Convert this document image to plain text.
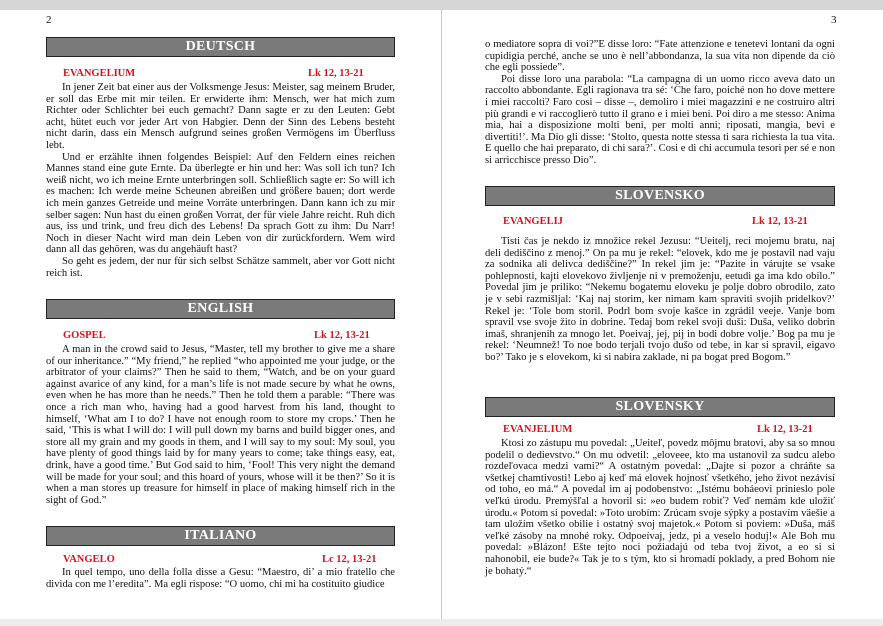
2	3
DEUTSCH
EVANGELIUM	Lk 12, 13-21

In jener Zeit bat einer aus der Volksmenge Jesus: Meister, sag meinem Bruder, er soll das Erbe mit mir teilen. Er erwiderte ihm: Mensch, wer hat mich zum Richter oder Schlichter bei euch gemacht? Dann sagte er zu den Leuten: Gebt acht, hütet euch vor jeder Art von Habgier. Denn der Sinn des Lebens besteht nicht darin, dass ein Mensch aufgrund seines großen Vermögens im Überfluss lebt.

Und er erzählte ihnen folgendes Beispiel: Auf den Feldern eines reichen Mannes stand eine gute Ernte. Da überlegte er hin und her: Was soll ich tun? Ich weiß nicht, wo ich meine Ernte unterbringen soll. Schließlich sagte er: So will ich es machen: Ich werde meine Scheunen abreißen und größere bauen; dort werde ich mein ganzes Getreide und meine Vorräte unterbringen. Dann kann ich zu mir selber sagen: Nun hast du einen großen Vorrat, der für viele Jahre reicht. Ruh dich aus, iss und trink, und freu dich des Lebens! Da sprach Gott zu ihm: Du Narr! Noch in dieser Nacht wird man dein Leben von dir zurückfordern. Wem wird dann all das gehören, was du angehäuft hast?

So geht es jedem, der nur für sich selbst Schätze sammelt, aber vor Gott nicht reich ist.

ENGLISH
GOSPEL	Lk 12, 13-21

A man in the crowd said to Jesus, “Master, tell my brother to give me a share of our inheritance.” “My friend,” he replied “who appointed me your judge, or the arbitrator of your claims?” Then he said to them, “Watch, and be on your guard against avarice of any kind, for a man’s life is not made secure by what he owns, even when he has more than he needs.” Then he told them a parable: “There was once a rich man who, having had a good harvest from his land, thought to himself, ‘What am I to do? I have not enough room to store my crops.’ Then he said, ‘This is what I will do: I will pull down my barns and build bigger ones, and store all my grain and my goods in them, and I will say to my soul: My soul, you have plenty of good things laid by for many years to come; take things easy, eat, drink, have a good time.’ But God said to him, ‘Fool! This very night the demand will be made for your soul; and this hoard of yours, whose will it be then?’ So it is when a man stores up treasure for himself in place of making himself rich in the sight of God.”

ITALIANO
VANGELO	Lc 12, 13-21

In quel tempo, uno della folla disse a Gesu: “Maestro, di’ a mio fratello che divida con me l’eredita”. Ma egli rispose: “O uomo, chi mi ha costituito giudice

o mediatore sopra di voi?”E disse loro: “Fate attenzione e tenetevi lontani da ogni cupidigia perché, anche se uno è nell’abbondanza, la sua vita non dipende da ciò che egli possiede”.

Poi disse loro una parabola: “La campagna di un uomo ricco aveva dato un raccolto abbondante. Egli ragionava tra sé: ‘Che faro, poiché non ho dove mettere i miei raccolti? Faro cosi – disse –, demoliro i miei magazzini e ne costruiro altri più grandi e vi raccoglierò tutto il grano e i miei beni. Poi diro a me stesso: Anima mia, hai a disposizione molti beni, per molti anni; riposati, mangia, bevi e divertiti!’. Ma Dio gli disse: ‘Stolto, questa notte stessa ti sara richiesta la tua vita. E quello che hai preparato, di chi sara?’. Cosi e di chi accumula tesori per sé e non si arricchisce presso Dio”.

SLOVENSKO
EVANGELIJ	Lk 12, 13-21

Tisti čas je nekdo iz množice rekel Jezusu: “Ueitelj, reci mojemu bratu, naj deli dediščino z menoj.” On pa mu je rekel: “elovek, kdo me je postavil nad vaju za sodnika ali delivca dediščine?” In rekel jim je: “Pazite in várujte se vsake pohlepnosti, kajti elovekovo življenje ni v premoženju, eetudi ga ima kdo obilo.” Povedal jim je priliko: “Nekemu bogatemu eloveku je polje dobro obrodilo, zato je v sebi razmišljal: ‘Kaj naj storim, ker nimam kam spraviti svojih pridelkov?’ Rekel je: ‘Tole bom storil. Podrl bom svoje kašce in zgrádil veeje. Vanje bom spravil vse svoje žito in dobrine. Tedaj bom rekel svoji duši: Duša, veliko dobrin imaš, shranjenih za mnogo let. Poeivaj, jej, pij in bodi dobre volje.’ Bog pa mu je rekel: ‘Neumnež! To noe bodo terjali tvojo dušo od tebe, in kar si spravil, eigavo bo?’ Tako je s elovekom, ki si nabira zaklade, ni pa bogat pred Bogom.”

SLOVENSKY
EVANJELIUM	Lk 12, 13-21

Ktosi zo zástupu mu povedal: „Ueiteľ, povedz môjmu bratovi, aby sa so mnou podelil o dedievstvo.“ On mu odvetil: „eloveee, kto ma ustanovil za sudcu alebo rozdeľovaca medzi vami?“ A ostatným povedal: „Dajte si pozor a chráňte sa všetkej chamtivosti! Lebo aj keď má elovek hojnosť všetkého, jeho život nezávisí od toho, eo má.“ A povedal im aj podobenstvo: „Istému boháeovi prinieslo pole veľkú úrodu. Premýšľal a hovoril si: »eo budem robiť? Veď nemám kde uložiť úrodu.« Potom si povedal: »Toto urobím: Zrúcam svoje sýpky a postavím väešie a tam uložím všetko obilie i ostatný svoj majetok.« Potom si poviem: »Duša, máš veľké zásoby na mnohé roky. Odpoeívaj, jedz, pi a veselo hoduj!« Ale Boh mu povedal: »Blázon! Ešte tejto noci požiadajú od teba tvoj život, a eo si si nahonobil, eie bude?« Tak je to s tým, kto si hromadí poklady, a pred Bohom nie je bohatý.“
